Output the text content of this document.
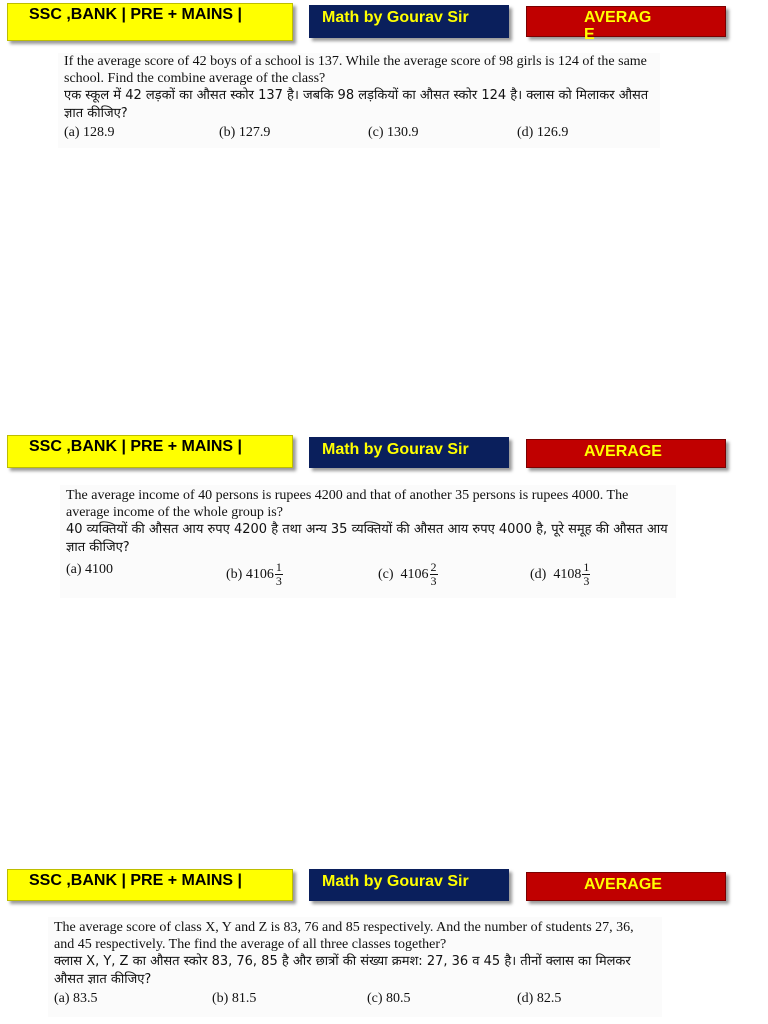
SSC ,BANK | PRE + MAINS |	Math by Gourav Sir	AVERAG
E

If the average score of 42 boys of a school is 137. While the average score of 98 girls is 124 of the same school. Find the combine average of the class?

एक स्कूल में 42 लड़कों का औसत स्कोर 137 है। जबकि 98 लड़कियों का औसत स्कोर 124 है। क्लास को मिलाकर औसत ज्ञात कीजिए?

(a) 128.9	(b) 127.9	(c) 130.9	(d) 126.9
SSC ,BANK | PRE + MAINS |	Math by Gourav Sir	AVERAGE

The average income of 40 persons is rupees 4200 and that of another 35 persons is rupees 4000. The average income of the whole group is?

40 व्यक्तियों की औसत आय रुपए 4200 है तथा अन्य 35 व्यक्तियों की औसत आय रुपए 4000 है, पूरे समूह की औसत आय ज्ञात कीजिए?

(a)
4100	(b)
$4106 \frac{1}{3}$	(c)
$4106 \frac{2}{3}$	(d)
$4108 \frac{1}{3}$
SSC ,BANK | PRE + MAINS |	Math by Gourav Sir	AVERAGE

The average score of class X, Y and Z is 83, 76 and 85 respectively. And the number of students 27, 36, and 45 respectively. The find the average of all three classes together?

क्लास X, Y, Z का औसत स्कोर 83, 76, 85 है और छात्रों की संख्या क्रमश: 27, 36 व 45 है। तीनों क्लास का मिलकर औसत ज्ञात कीजिए?

(a) 83.5	(b) 81.5	(c) 80.5	(d) 82.5
